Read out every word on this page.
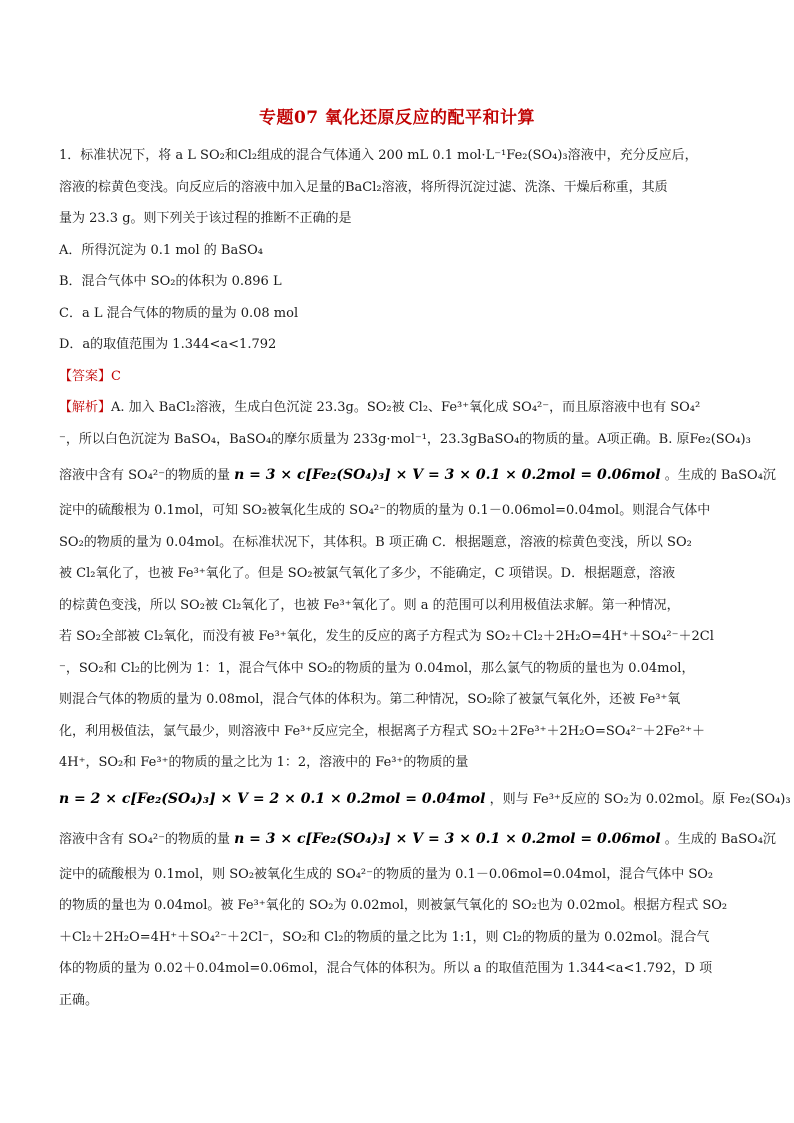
专题07 氧化还原反应的配平和计算
1．标准状况下，将 a L SO₂和Cl₂组成的混合气体通入 200 mL 0.1 mol·L⁻¹Fe₂(SO₄)₃溶液中，充分反应后，
溶液的棕黄色变浅。向反应后的溶液中加入足量的BaCl₂溶液，将所得沉淀过滤、洗涤、干燥后称重，其质
量为 23.3 g。则下列关于该过程的推断不正确的是
A．所得沉淀为 0.1 mol 的 BaSO₄
B．混合气体中 SO₂的体积为 0.896 L
C．a L 混合气体的物质的量为 0.08 mol
D．a的取值范围为 1.344<a<1.792
【答案】C
【解析】A. 加入 BaCl₂溶液，生成白色沉淀 23.3g。SO₂被 Cl₂、Fe³⁺氧化成 SO₄²⁻，而且原溶液中也有 SO₄²
⁻，所以白色沉淀为 BaSO₄，BaSO₄的摩尔质量为 233g·mol⁻¹，23.3gBaSO₄的物质的量。A项正确。B. 原Fe₂(SO₄)₃
溶液中含有 SO₄²⁻的物质的量 n = 3 × c[Fe₂(SO₄)₃] × V = 3 × 0.1 × 0.2mol = 0.06mol 。生成的 BaSO₄沉
淀中的硫酸根为 0.1mol，可知 SO₂被氧化生成的 SO₄²⁻的物质的量为 0.1－0.06mol=0.04mol。则混合气体中
SO₂的物质的量为 0.04mol。在标准状况下，其体积。B 项正确 C．根据题意，溶液的棕黄色变浅，所以 SO₂
被 Cl₂氧化了，也被 Fe³⁺氧化了。但是 SO₂被氯气氧化了多少，不能确定，C 项错误。D．根据题意，溶液
的棕黄色变浅，所以 SO₂被 Cl₂氧化了，也被 Fe³⁺氧化了。则 a 的范围可以利用极值法求解。第一种情况，
若 SO₂全部被 Cl₂氧化，而没有被 Fe³⁺氧化，发生的反应的离子方程式为 SO₂＋Cl₂＋2H₂O=4H⁺＋SO₄²⁻＋2Cl
⁻，SO₂和 Cl₂的比例为 1：1，混合气体中 SO₂的物质的量为 0.04mol，那么氯气的物质的量也为 0.04mol，
则混合气体的物质的量为 0.08mol，混合气体的体积为。第二种情况，SO₂除了被氯气氧化外，还被 Fe³⁺氧
化，利用极值法，氯气最少，则溶液中 Fe³⁺反应完全，根据离子方程式 SO₂＋2Fe³⁺＋2H₂O=SO₄²⁻＋2Fe²⁺＋
4H⁺，SO₂和 Fe³⁺的物质的量之比为 1：2，溶液中的 Fe³⁺的物质的量
n = 2 × c[Fe₂(SO₄)₃] × V = 2 × 0.1 × 0.2mol = 0.04mol ，则与 Fe³⁺反应的 SO₂为 0.02mol。原 Fe₂(SO₄)₃
溶液中含有 SO₄²⁻的物质的量 n = 3 × c[Fe₂(SO₄)₃] × V = 3 × 0.1 × 0.2mol = 0.06mol 。生成的 BaSO₄沉
淀中的硫酸根为 0.1mol，则 SO₂被氧化生成的 SO₄²⁻的物质的量为 0.1－0.06mol=0.04mol，混合气体中 SO₂
的物质的量也为 0.04mol。被 Fe³⁺氧化的 SO₂为 0.02mol，则被氯气氧化的 SO₂也为 0.02mol。根据方程式 SO₂
＋Cl₂＋2H₂O=4H⁺＋SO₄²⁻＋2Cl⁻，SO₂和 Cl₂的物质的量之比为 1:1，则 Cl₂的物质的量为 0.02mol。混合气
体的物质的量为 0.02＋0.04mol=0.06mol，混合气体的体积为。所以 a 的取值范围为 1.344<a<1.792，D 项
正确。
